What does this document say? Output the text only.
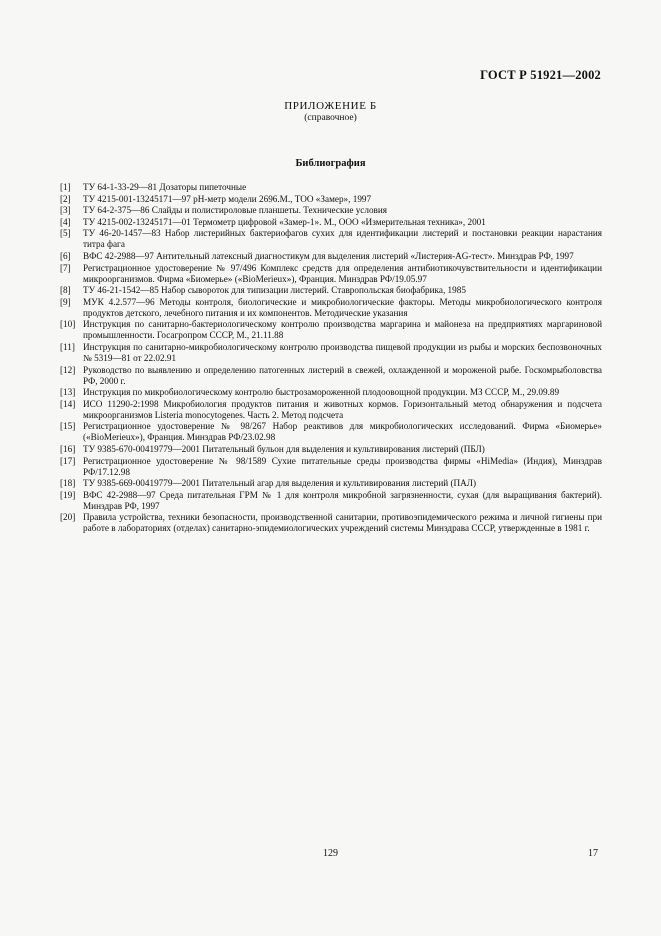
ГОСТ Р 51921—2002
ПРИЛОЖЕНИЕ Б
(справочное)
Библиография
[1]	ТУ 64-1-33-29—81 Дозаторы пипеточные
[2]	ТУ 4215-001-13245171—97 pH-метр модели 2696.М., ТОО «Замер», 1997
[3]	ТУ 64-2-375—86 Слайды и полистироловые планшеты. Технические условия
[4]	ТУ 4215-002-13245171—01 Термометр цифровой «Замер-1». М., ООО «Измерительная техника», 2001
[5]	ТУ 46-20-1457—83 Набор листерийных бактериофагов сухих для идентификации листерий и постановки реакции нарастания титра фага
[6]	ВФС 42-2988—97 Антительный латексный диагностикум для выделения листерий «Листерия-AG-тест». Минздрав РФ, 1997
[7]	Регистрационное удостоверение № 97/496 Комплекс средств для определения антибиотикочувствительности и идентификации микроорганизмов. Фирма «Биомерье» («BioMerieux»), Франция. Минздрав РФ/19.05.97
[8]	ТУ 46-21-1542—85 Набор сывороток для типизации листерий. Ставропольская биофабрика, 1985
[9]	МУК 4.2.577—96 Методы контроля, биологические и микробиологические факторы. Методы микробиологического контроля продуктов детского, лечебного питания и их компонентов. Методические указания
[10] Инструкция по санитарно-бактериологическому контролю производства маргарина и майонеза на предприятиях маргариновой промышленности. Госагропром СССР, М., 21.11.88
[11] Инструкция по санитарно-микробиологическому контролю производства пищевой продукции из рыбы и морских беспозвоночных № 5319—81 от 22.02.91
[12] Руководство по выявлению и определению патогенных листерий в свежей, охлажденной и мороженой рыбе. Госкомрыболовства РФ, 2000 г.
[13] Инструкция по микробиологическому контролю быстрозамороженной плодоовощной продукции. МЗ СССР, М., 29.09.89
[14] ИСО 11290-2:1998 Микробиология продуктов питания и животных кормов. Горизонтальный метод обнаружения и подсчета микроорганизмов Listeria monocytogenes. Часть 2. Метод подсчета
[15] Регистрационное удостоверение № 98/267 Набор реактивов для микробиологических исследований. Фирма «Биомерье» («BioMerieux»), Франция. Минздрав РФ/23.02.98
[16] ТУ 9385-670-00419779—2001 Питательный бульон для выделения и культивирования листерий (ПБЛ)
[17] Регистрационное удостоверение № 98/1589 Сухие питательные среды производства фирмы «HiMedia» (Индия), Минздрав РФ/17.12.98
[18] ТУ 9385-669-00419779—2001 Питательный агар для выделения и культивирования листерий (ПАЛ)
[19] ВФС 42-2988—97 Среда питательная ГРМ № 1 для контроля микробной загрязненности, сухая (для выращивания бактерий). Минздрав РФ, 1997
[20] Правила устройства, техники безопасности, производственной санитарии, противоэпидемического режима и личной гигиены при работе в лабораториях (отделах) санитарно-эпидемиологических учреждений системы Минздрава СССР, утвержденные в 1981 г.
129	17
